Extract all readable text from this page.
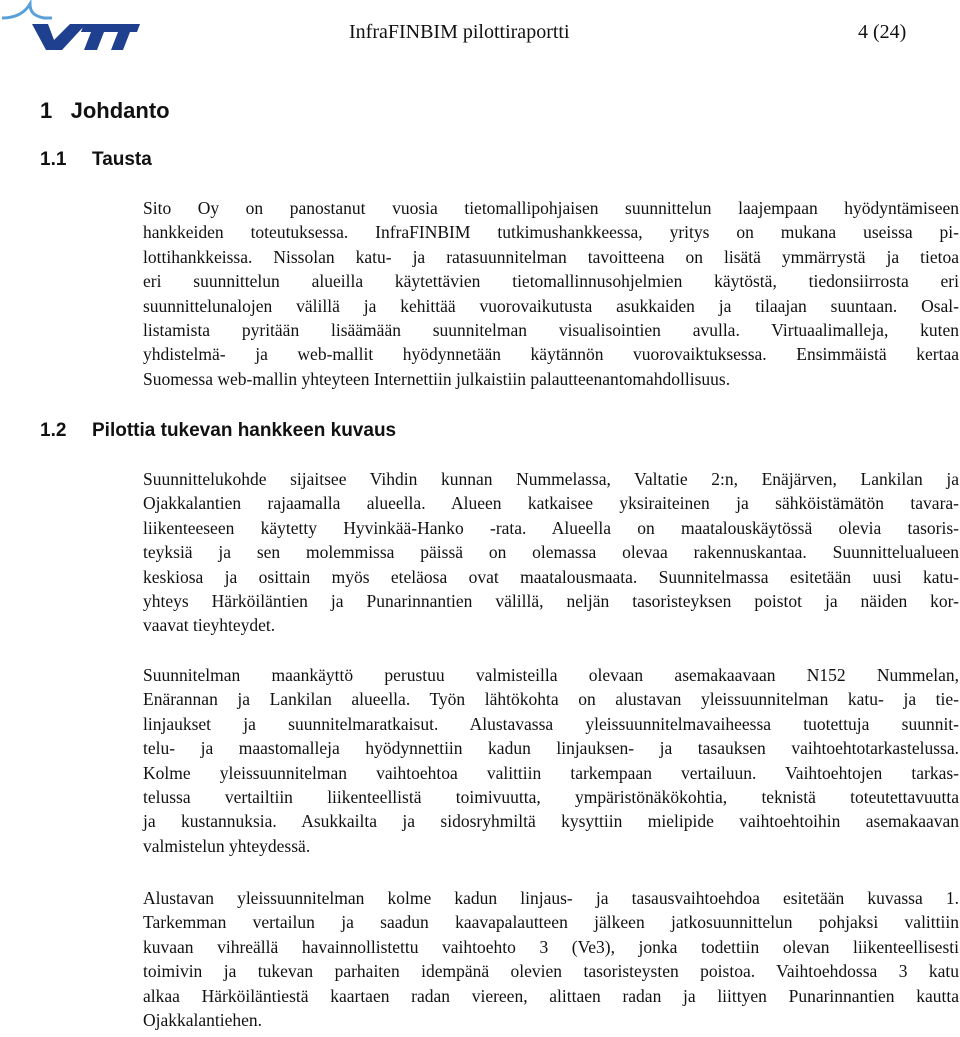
InfraFINBIM pilottiraportti	4 (24)
1 Johdanto
1.1 Tausta
Sito Oy on panostanut vuosia tietomallipohjaisen suunnittelun laajempaan hyödyntämiseen
hankkeiden toteutuksessa. InfraFINBIM tutkimushankkeessa, yritys on mukana useissa pi-
lottihankkeissa. Nissolan katu- ja ratasuunnitelman tavoitteena on lisätä ymmärrystä ja tietoa
eri suunnittelun alueilla käytettävien tietomallinnusohjelmien käytöstä, tiedonsiirrosta eri
suunnittelunalojen välillä ja kehittää vuorovaikutusta asukkaiden ja tilaajan suuntaan. Osal-
listamista pyritään lisäämään suunnitelman visualisointien avulla. Virtuaalimalleja, kuten
yhdistelmä- ja web-mallit hyödynnetään käytännön vuorovaiktuksessa. Ensimmäistä kertaa
Suomessa web-mallin yhteyteen Internettiin julkaistiin palautteenantomahdollisuus.
1.2 Pilottia tukevan hankkeen kuvaus
Suunnittelukohde sijaitsee Vihdin kunnan Nummelassa, Valtatie 2:n, Enäjärven, Lankilan ja
Ojakkalantien rajaamalla alueella. Alueen katkaisee yksiraiteinen ja sähköistämätön tavara-
liikenteeseen käytetty Hyvinkää-Hanko -rata. Alueella on maatalouskäytössä olevia tasoris-
teyksiä ja sen molemmissa päissä on olemassa olevaa rakennuskantaa. Suunnittelualueen
keskiosa ja osittain myös eteläosa ovat maatalousmaata. Suunnitelmassa esitetään uusi katu-
yhteys Härköiläntien ja Punarinnantien välillä, neljän tasoristeyksen poistot ja näiden kor-
vaavat tieyhteydet.
Suunnitelman maankäyttö perustuu valmisteilla olevaan asemakaavaan N152 Nummelan,
Enärannan ja Lankilan alueella. Työn lähtökohta on alustavan yleissuunnitelman katu- ja tie-
linjaukset ja suunnitelmaratkaisut. Alustavassa yleissuunnitelmavaiheessa tuotettuja suunnit-
telu- ja maastomalleja hyödynnettiin kadun linjauksen- ja tasauksen vaihtoehtotarkastelussa.
Kolme yleissuunnitelman vaihtoehtoa valittiin tarkempaan vertailuun. Vaihtoehtojen tarkas-
telussa vertailtiin liikenteellistä toimivuutta, ympäristönäkökohtia, teknistä toteutettavuutta
ja kustannuksia. Asukkailta ja sidosryhmiltä kysyttiin mielipide vaihtoehtoihin asemakaavan
valmistelun yhteydessä.
Alustavan yleissuunnitelman kolme kadun linjaus- ja tasausvaihtoehdoa esitetään kuvassa 1.
Tarkemman vertailun ja saadun kaavapalautteen jälkeen jatkosuunnittelun pohjaksi valittiin
kuvaan vihreällä havainnollistettu vaihtoehto 3 (Ve3), jonka todettiin olevan liikenteellisesti
toimivin ja tukevan parhaiten idempänä olevien tasoristeysten poistoa. Vaihtoehdossa 3 katu
alkaa Härköiläntiestä kaartaen radan viereen, alittaen radan ja liittyen Punarinnantien kautta
Ojakkalantiehen.
